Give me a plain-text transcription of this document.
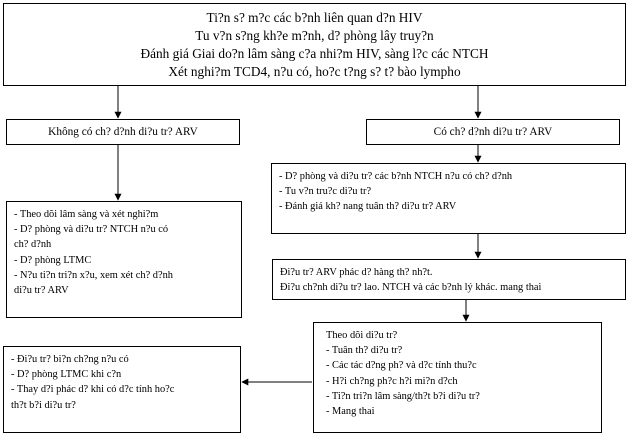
Ti?n s? m?c các b?nh liên quan d?n HIV
Tu v?n s?ng kh?e m?nh, d? phòng lây truy?n
Đánh giá Giai do?n lâm sàng c?a nhi?m HIV, sàng l?c các NTCH
Xét nghi?m TCD4, n?u có, ho?c t?ng s? t? bào lympho
Không có ch? d?nh di?u tr? ARV	Có ch? d?nh di?u tr? ARV
- Theo dõi lâm sàng và xét nghi?m
- D? phòng và di?u tr? NTCH n?u có
ch? d?nh
- D? phòng LTMC
- N?u ti?n tri?n x?u, xem xét ch? d?nh
di?u tr? ARV
- D? phòng và di?u tr? các b?nh NTCH n?u có ch? d?nh
- Tu v?n tru?c di?u tr?
- Đánh giá kh? nang tuân th? di?u tr? ARV
Đi?u tr? ARV phác d? hàng th? nh?t.
Đi?u ch?nh di?u tr? lao. NTCH và các b?nh lý khác. mang thai
Theo dõi di?u tr?
- Tuân th? di?u tr?
- Các tác d?ng ph? và d?c tính thu?c
- H?i ch?ng ph?c h?i mi?n d?ch
- Ti?n tri?n lâm sàng/th?t b?i di?u tr?
- Mang thai
- Đi?u tr? bi?n ch?ng n?u có
- D? phòng LTMC khi c?n
- Thay d?i phác d? khi có d?c tính ho?c
th?t b?i di?u tr?
